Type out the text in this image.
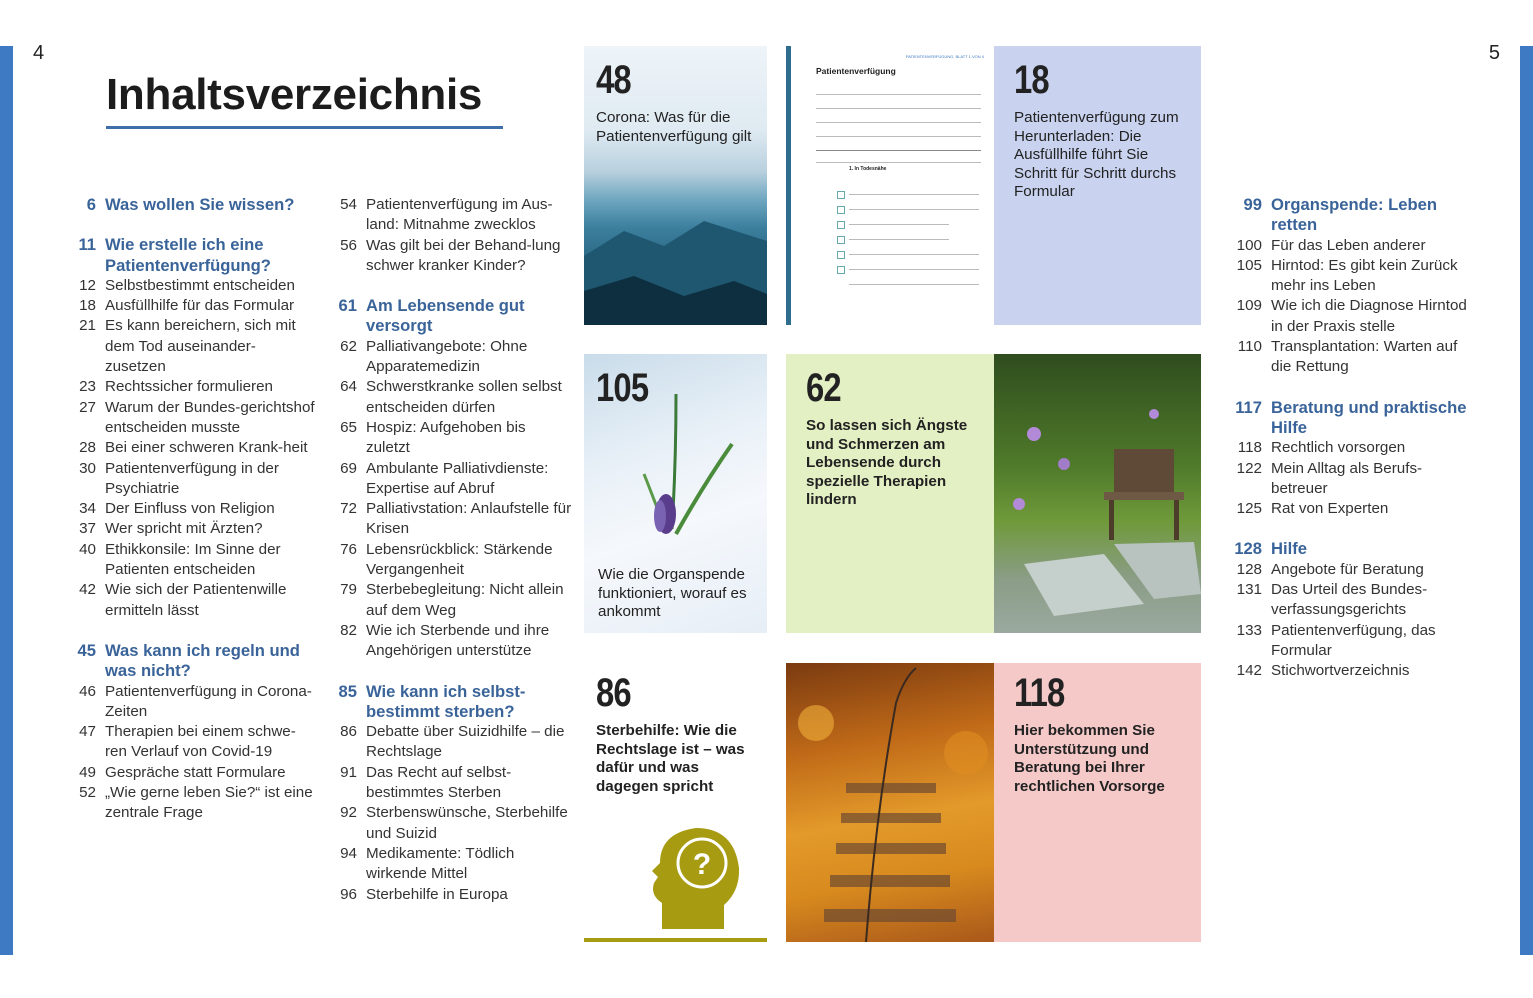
4	5
Inhaltsverzeichnis
6 Was wollen Sie wissen?
11 Wie erstelle ich eine Patientenverfügung?
12 Selbstbestimmt entscheiden
18 Ausfüllhilfe für das Formular
21 Es kann bereichern, sich mit dem Tod auseinander-zusetzen
23 Rechtssicher formulieren
27 Warum der Bundes-gerichtshof entscheiden musste
28 Bei einer schweren Krank-heit
30 Patientenverfügung in der Psychiatrie
34 Der Einfluss von Religion
37 Wer spricht mit Ärzten?
40 Ethikkonsile: Im Sinne der Patienten entscheiden
42 Wie sich der Patientenwille ermitteln lässt
45 Was kann ich regeln und was nicht?
46 Patientenverfügung in Corona-Zeiten
47 Therapien bei einem schwe-ren Verlauf von Covid-19
49 Gespräche statt Formulare
52 „Wie gerne leben Sie?“ ist eine zentrale Frage
54 Patientenverfügung im Aus-land: Mitnahme zwecklos
56 Was gilt bei der Behand-lung schwer kranker Kinder?
61 Am Lebensende gut versorgt
62 Palliativangebote: Ohne Apparatemedizin
64 Schwerstkranke sollen selbst entscheiden dürfen
65 Hospiz: Aufgehoben bis zuletzt
69 Ambulante Palliativdienste: Expertise auf Abruf
72 Palliativstation: Anlaufstelle für Krisen
76 Lebensrückblick: Stärkende Vergangenheit
79 Sterbebegleitung: Nicht allein auf dem Weg
82 Wie ich Sterbende und ihre Angehörigen unterstütze
85 Wie kann ich selbst-bestimmt sterben?
86 Debatte über Suizidhilfe – die Rechtslage
91 Das Recht auf selbst-bestimmtes Sterben
92 Sterbenswünsche, Sterbehilfe und Suizid
94 Medikamente: Tödlich wirkende Mittel
96 Sterbehilfe in Europa
99 Organspende: Leben retten
100 Für das Leben anderer
105 Hirntod: Es gibt kein Zurück mehr ins Leben
109 Wie ich die Diagnose Hirntod in der Praxis stelle
110 Transplantation: Warten auf die Rettung
117 Beratung und praktische Hilfe
118 Rechtlich vorsorgen
122 Mein Alltag als Berufs-betreuer
125 Rat von Experten
128 Hilfe
128 Angebote für Beratung
131 Das Urteil des Bundes-verfassungsgerichts
133 Patientenverfügung, das Formular
142 Stichwortverzeichnis
48
Corona: Was für die Patientenverfügung gilt
PATIENTENVERFÜGUNG, BLATT 1 VON 4
Patientenverfügung
1. In Todesnähe
18
Patientenverfügung zum Herunterladen: Die Ausfüllhilfe führt Sie Schritt für Schritt durchs Formular
105
Wie die Organspende funktioniert, worauf es ankommt
62
So lassen sich Ängste und Schmerzen am Lebensende durch spezielle Therapien lindern
86
Sterbehilfe: Wie die Rechtslage ist – was dafür und was dagegen spricht
?
118
Hier bekommen Sie Unterstützung und Beratung bei Ihrer rechtlichen Vorsorge
